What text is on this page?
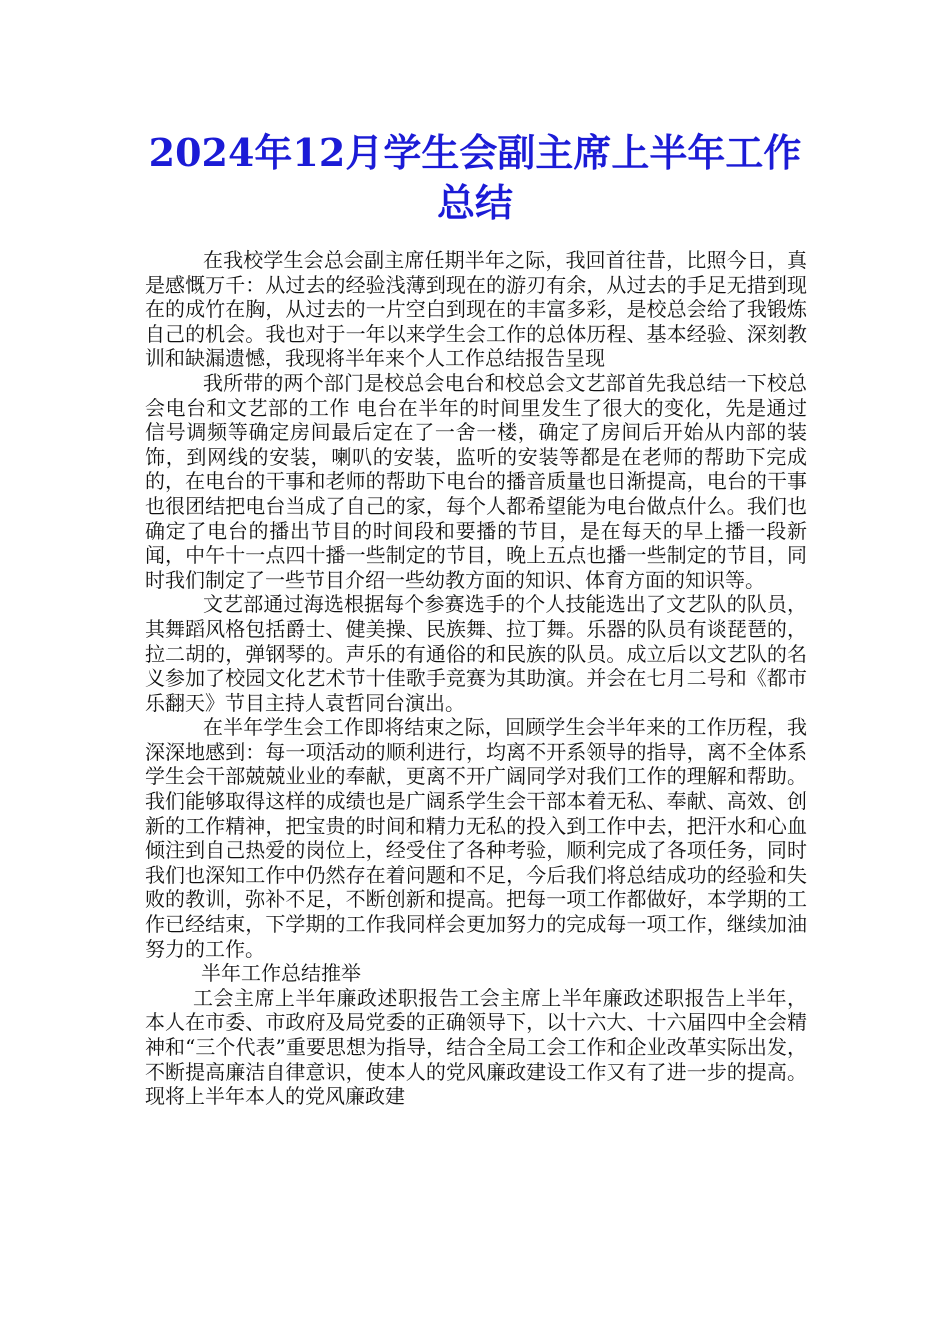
2024年12月学生会副主席上半年工作总结

在我校学生会总会副主席任期半年之际，我回首往昔，比照今日，真是感慨万千：从过去的经验浅薄到现在的游刃有余，从过去的手足无措到现在的成竹在胸，从过去的一片空白到现在的丰富多彩，是校总会给了我锻炼自己的机会。我也对于一年以来学生会工作的总体历程、基本经验、深刻教训和缺漏遗憾，我现将半年来个人工作总结报告呈现

我所带的两个部门是校总会电台和校总会文艺部首先我总结一下校总会电台和文艺部的工作 电台在半年的时间里发生了很大的变化，先是通过信号调频等确定房间最后定在了一舍一楼，确定了房间后开始从内部的装饰，到网线的安装，喇叭的安装，监听的安装等都是在老师的帮助下完成的，在电台的干事和老师的帮助下电台的播音质量也日渐提高，电台的干事也很团结把电台当成了自己的家，每个人都希望能为电台做点什么。我们也确定了电台的播出节目的时间段和要播的节目，是在每天的早上播一段新闻，中午十一点四十播一些制定的节目，晚上五点也播一些制定的节目，同时我们制定了一些节目介绍一些幼教方面的知识、体育方面的知识等。

文艺部通过海选根据每个参赛选手的个人技能选出了文艺队的队员，其舞蹈风格包括爵士、健美操、民族舞、拉丁舞。乐器的队员有谈琵琶的，拉二胡的，弹钢琴的。声乐的有通俗的和民族的队员。成立后以文艺队的名义参加了校园文化艺术节十佳歌手竞赛为其助演。并会在七月二号和《都市乐翻天》节目主持人袁哲同台演出。

在半年学生会工作即将结束之际，回顾学生会半年来的工作历程，我深深地感到：每一项活动的顺利进行，均离不开系领导的指导，离不全体系学生会干部兢兢业业的奉献，更离不开广阔同学对我们工作的理解和帮助。我们能够取得这样的成绩也是广阔系学生会干部本着无私、奉献、高效、创新的工作精神，把宝贵的时间和精力无私的投入到工作中去，把汗水和心血倾注到自己热爱的岗位上，经受住了各种考验，顺利完成了各项任务，同时我们也深知工作中仍然存在着问题和不足，今后我们将总结成功的经验和失败的教训，弥补不足，不断创新和提高。把每一项工作都做好，本学期的工作已经结束，下学期的工作我同样会更加努力的完成每一项工作，继续加油努力的工作。

半年工作总结推举

工会主席上半年廉政述职报告工会主席上半年廉政述职报告上半年，本人在市委、市政府及局党委的正确领导下，以十六大、十六届四中全会精神和“三个代表”重要思想为指导，结合全局工会工作和企业改革实际出发，不断提高廉洁自律意识，使本人的党风廉政建设工作又有了进一步的提高。现将上半年本人的党风廉政建
